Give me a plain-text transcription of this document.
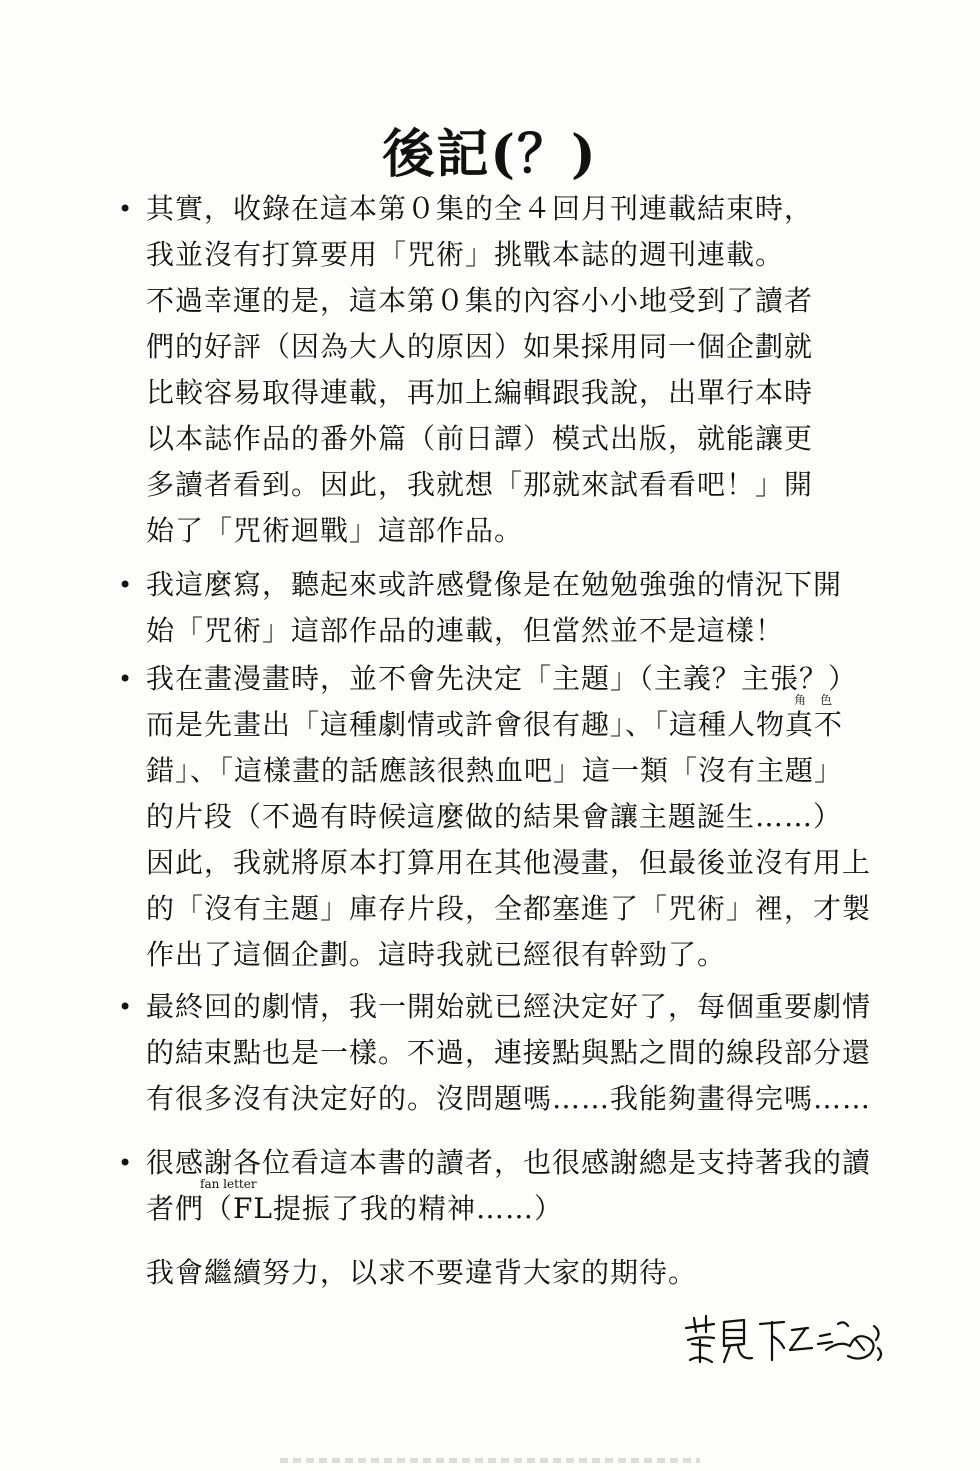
後記(？)
• 其實，收錄在這本第０集的全４回月刊連載結束時，
我並沒有打算要用「咒術」挑戰本誌的週刊連載。
不過幸運的是，這本第０集的內容小小地受到了讀者
們的好評（因為大人的原因）如果採用同一個企劃就
比較容易取得連載，再加上編輯跟我說，出單行本時
以本誌作品的番外篇（前日譚）模式出版，就能讓更
多讀者看到。因此，我就想「那就來試看看吧！」開
始了「咒術迴戰」這部作品。
• 我這麼寫，聽起來或許感覺像是在勉勉強強的情況下開
始「咒術」這部作品的連載，但當然並不是這樣！
• 我在畫漫畫時，並不會先決定「主題」（主義？主張？）
而是先畫出「這種劇情或許會很有趣」、「這種人物真不
角色
錯」、「這樣畫的話應該很熱血吧」這一類「沒有主題」
的片段（不過有時候這麼做的結果會讓主題誕生……）
因此，我就將原本打算用在其他漫畫，但最後並沒有用上
的「沒有主題」庫存片段，全都塞進了「咒術」裡，才製
作出了這個企劃。這時我就已經很有幹勁了。
• 最終回的劇情，我一開始就已經決定好了，每個重要劇情
的結束點也是一樣。不過，連接點與點之間的線段部分還
有很多沒有決定好的。沒問題嗎……我能夠畫得完嗎……
• 很感謝各位看這本書的讀者，也很感謝總是支持著我的讀
者們（FL提振了我的精神……）
fan letter
我會繼續努力，以求不要違背大家的期待。
